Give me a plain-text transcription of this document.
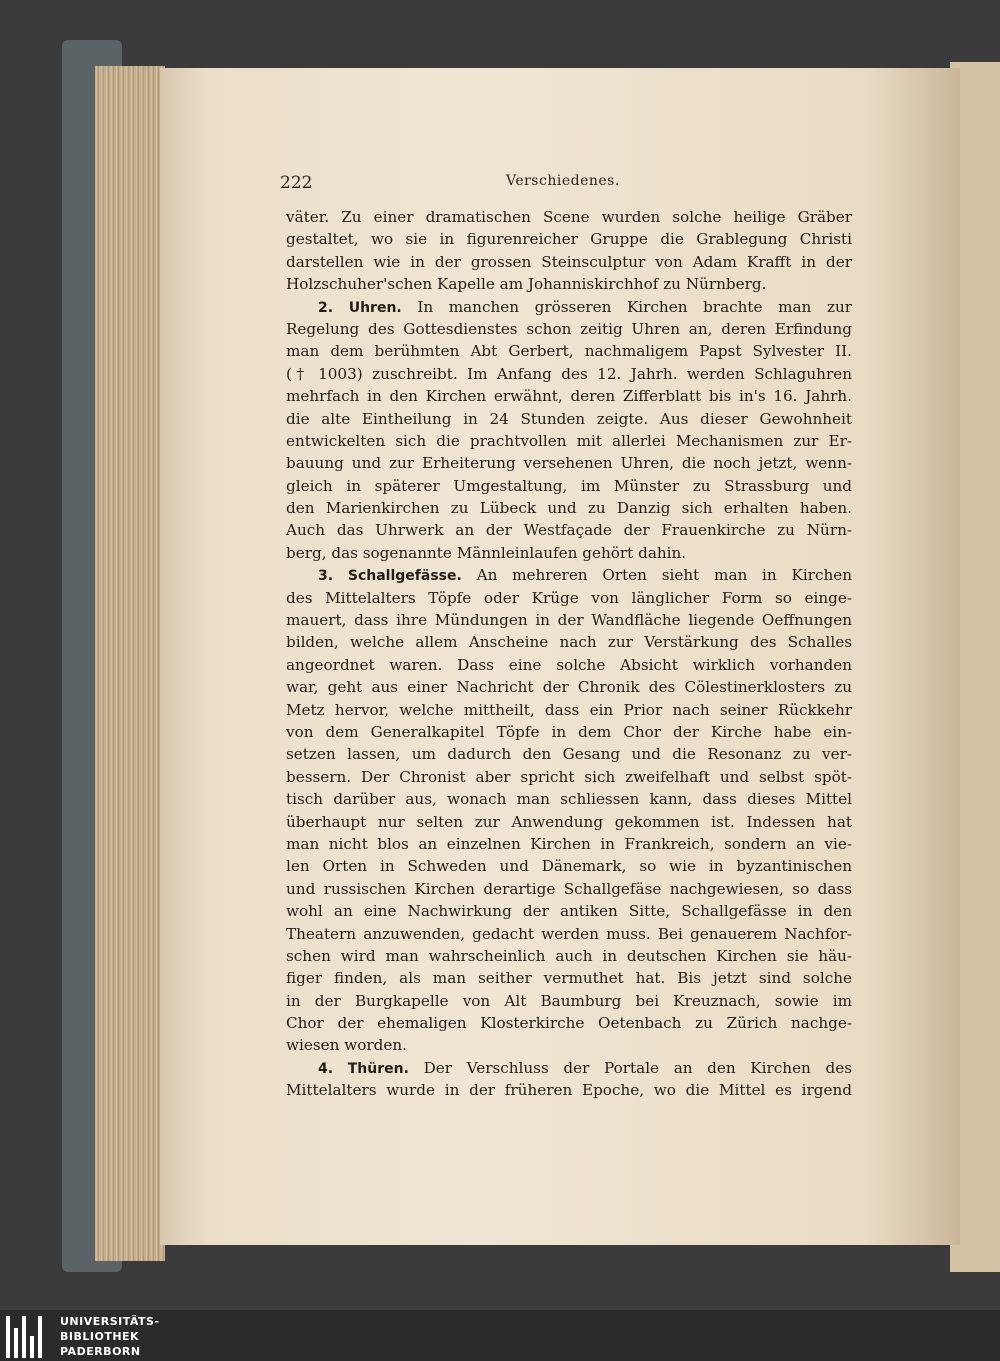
222	Verschiedenes.
väter. Zu einer dramatischen Scene wurden solche heilige Gräber
gestaltet, wo sie in figurenreicher Gruppe die Grablegung Christi
darstellen wie in der grossen Steinsculptur von Adam Krafft in der
Holzschuher'schen Kapelle am Johanniskirchhof zu Nürnberg.
2. Uhren. In manchen grösseren Kirchen brachte man zur
Regelung des Gottesdienstes schon zeitig Uhren an, deren Erfindung
man dem berühmten Abt Gerbert, nachmaligem Papst Sylvester II.
(† 1003) zuschreibt. Im Anfang des 12. Jahrh. werden Schlaguhren
mehrfach in den Kirchen erwähnt, deren Zifferblatt bis in's 16. Jahrh.
die alte Eintheilung in 24 Stunden zeigte. Aus dieser Gewohnheit
entwickelten sich die prachtvollen mit allerlei Mechanismen zur Er-
bauung und zur Erheiterung versehenen Uhren, die noch jetzt, wenn-
gleich in späterer Umgestaltung, im Münster zu Strassburg und
den Marienkirchen zu Lübeck und zu Danzig sich erhalten haben.
Auch das Uhrwerk an der Westfaçade der Frauenkirche zu Nürn-
berg, das sogenannte Männleinlaufen gehört dahin.
3. Schallgefässe. An mehreren Orten sieht man in Kirchen
des Mittelalters Töpfe oder Krüge von länglicher Form so einge-
mauert, dass ihre Mündungen in der Wandfläche liegende Oeffnungen
bilden, welche allem Anscheine nach zur Verstärkung des Schalles
angeordnet waren. Dass eine solche Absicht wirklich vorhanden
war, geht aus einer Nachricht der Chronik des Cölestinerklosters zu
Metz hervor, welche mittheilt, dass ein Prior nach seiner Rückkehr
von dem Generalkapitel Töpfe in dem Chor der Kirche habe ein-
setzen lassen, um dadurch den Gesang und die Resonanz zu ver-
bessern. Der Chronist aber spricht sich zweifelhaft und selbst spöt-
tisch darüber aus, wonach man schliessen kann, dass dieses Mittel
überhaupt nur selten zur Anwendung gekommen ist. Indessen hat
man nicht blos an einzelnen Kirchen in Frankreich, sondern an vie-
len Orten in Schweden und Dänemark, so wie in byzantinischen
und russischen Kirchen derartige Schallgefäse nachgewiesen, so dass
wohl an eine Nachwirkung der antiken Sitte, Schallgefässe in den
Theatern anzuwenden, gedacht werden muss. Bei genauerem Nachfor-
schen wird man wahrscheinlich auch in deutschen Kirchen sie häu-
figer finden, als man seither vermuthet hat. Bis jetzt sind solche
in der Burgkapelle von Alt Baumburg bei Kreuznach, sowie im
Chor der ehemaligen Klosterkirche Oetenbach zu Zürich nachge-
wiesen worden.
4. Thüren. Der Verschluss der Portale an den Kirchen des
Mittelalters wurde in der früheren Epoche, wo die Mittel es irgend
UNIVERSITÄTS-
BIBLIOTHEK
PADERBORN
